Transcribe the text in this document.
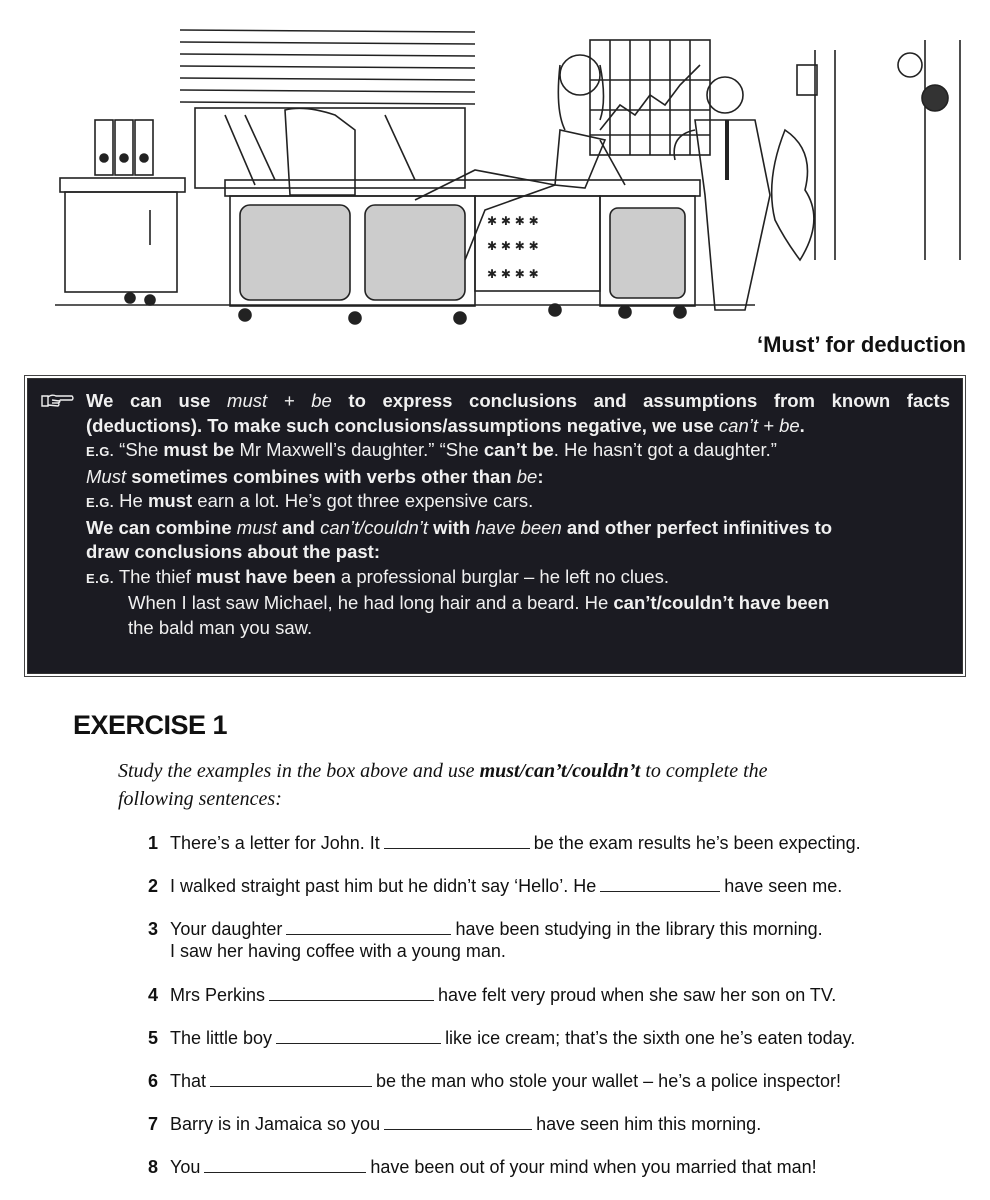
✱ ✱ ✱ ✱
✱ ✱ ✱ ✱
✱ ✱ ✱ ✱
‘Must’ for deduction
We can use must + be to express conclusions and assumptions from known facts
(deductions). To make such conclusions/assumptions negative, we use can’t + be.
E.G. “She must be Mr Maxwell’s daughter.” “She can’t be. He hasn’t got a daughter.”
Must sometimes combines with verbs other than be:
E.G. He must earn a lot. He’s got three expensive cars.
We can combine must and can’t/couldn’t with have been and other perfect infinitives to
draw conclusions about the past:
E.G. The thief must have been a professional burglar – he left no clues.
When I last saw Michael, he had long hair and a beard. He can’t/couldn’t have been
the bald man you saw.
EXERCISE 1
Study the examples in the box above and use must/can’t/couldn’t to complete the
following sentences:
1 There’s a letter for John. It	be the exam results he’s been expecting.
2 I walked straight past him but he didn’t say ‘Hello’. He	have seen me.
3 Your daughter	have been studying in the library this morning.
I saw her having coffee with a young man.
4 Mrs Perkins	have felt very proud when she saw her son on TV.
5 The little boy	like ice cream; that’s the sixth one he’s eaten today.
6 That	be the man who stole your wallet – he’s a police inspector!
7 Barry is in Jamaica so you	have seen him this morning.
8 You	have been out of your mind when you married that man!
